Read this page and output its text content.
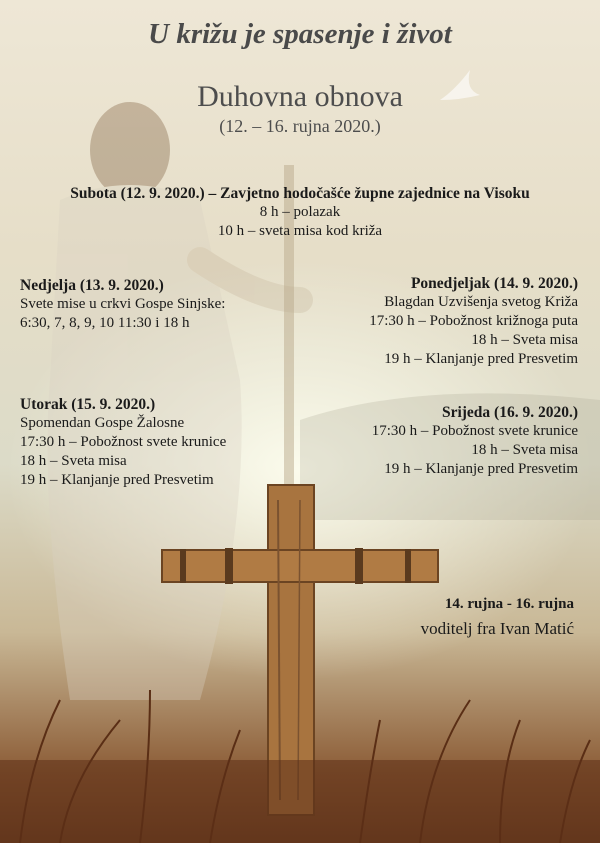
U križu je spasenje i život
Duhovna obnova
(12. – 16. rujna 2020.)
Subota (12. 9. 2020.) – Zavjetno hodočašće župne zajednice na Visoku
8 h – polazak
10 h – sveta misa kod križa
Nedjelja (13. 9. 2020.)
Svete mise u crkvi Gospe Sinjske:
6:30, 7, 8, 9, 10 11:30 i 18 h
Ponedjeljak (14. 9. 2020.)
Blagdan Uzvišenja svetog Križa
17:30 h – Pobožnost križnoga puta
18 h – Sveta misa
19 h – Klanjanje pred Presvetim
Utorak (15. 9. 2020.)
Spomendan Gospe Žalosne
17:30 h – Pobožnost svete krunice
18 h – Sveta misa
19 h – Klanjanje pred Presvetim
Srijeda (16. 9. 2020.)
17:30 h – Pobožnost svete krunice
18 h – Sveta misa
19 h – Klanjanje pred Presvetim
14. rujna - 16. rujna
voditelj fra Ivan Matić
